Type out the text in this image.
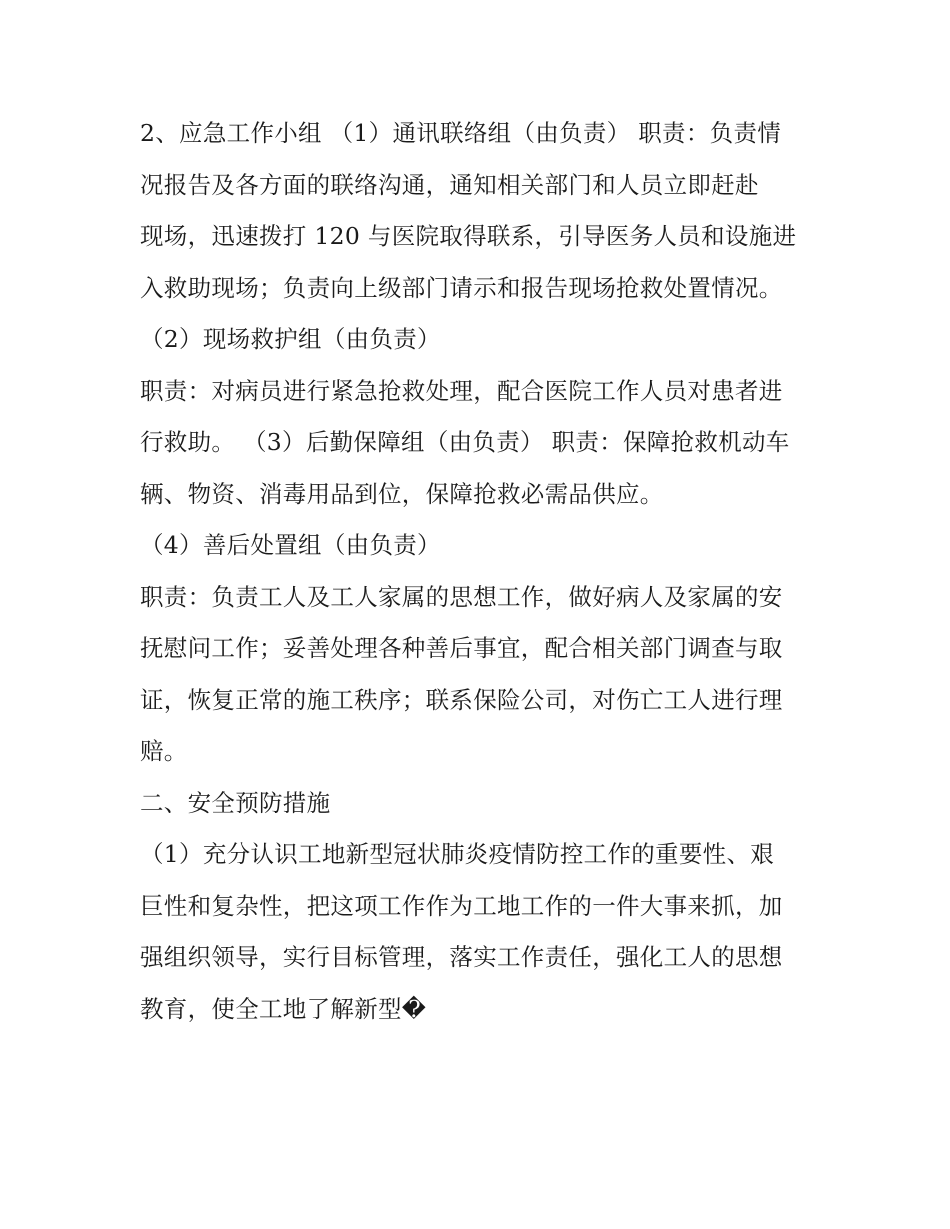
2、应急工作小组 （1）通讯联络组（由负责） 职责：负责情
况报告及各方面的联络沟通，通知相关部门和人员立即赶赴
现场，迅速拨打 120 与医院取得联系，引导医务人员和设施进
入救助现场；负责向上级部门请示和报告现场抢救处置情况。
（2）现场救护组（由负责）
职责：对病员进行紧急抢救处理，配合医院工作人员对患者进
行救助。 （3）后勤保障组（由负责） 职责：保障抢救机动车
辆、物资、消毒用品到位，保障抢救必需品供应。
（4）善后处置组（由负责）
职责：负责工人及工人家属的思想工作，做好病人及家属的安
抚慰问工作；妥善处理各种善后事宜，配合相关部门调查与取
证，恢复正常的施工秩序；联系保险公司，对伤亡工人进行理
赔。
二、安全预防措施
（1）充分认识工地新型冠状肺炎疫情防控工作的重要性、艰
巨性和复杂性，把这项工作作为工地工作的一件大事来抓，加
强组织领导，实行目标管理，落实工作责任，强化工人的思想
教育，使全工地了解新型�
